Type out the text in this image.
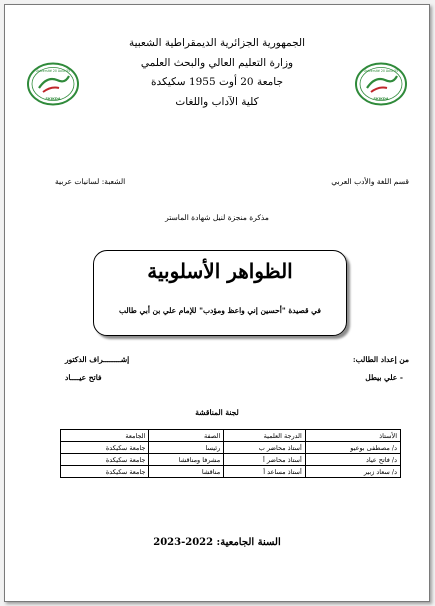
Université 20 Août 55
SKIKDA
Université 20 Août 55
SKIKDA
الجمهورية الجزائرية الديمقراطية الشعبية
وزارة التعليم العالي والبحث العلمي
جامعة 20 أوت 1955 سكيكدة
كلية الآداب واللغات
قسم اللغة والأدب العربي
الشعبة: لسانيات عربية
مذكرة منجزة لنيل شهادة الماستر
الظواهر الأسلوبية
في قصيدة "أحسين إني واعظ ومؤدب" للإمام علي بن أبي طالب
من إعداد الطالب:
- علي بيطل
إشــــــــراف الدكتور
فاتح عيــــاد
لجنة المناقشة
الأستاذ	الدرجة العلمية	الصفة	الجامعة
د/ مصطفى بوعيو	أستاذ محاضر ب	رئيسا	جامعة سكيكدة
د/ فاتح عياد	أستاذ محاضر أ	مشرفا ومناقشا	جامعة سكيكدة
د/ سعاد زبير	أستاذ مساعد أ	مناقشا	جامعة سكيكدة
السنة الجامعية: 2022-2023
